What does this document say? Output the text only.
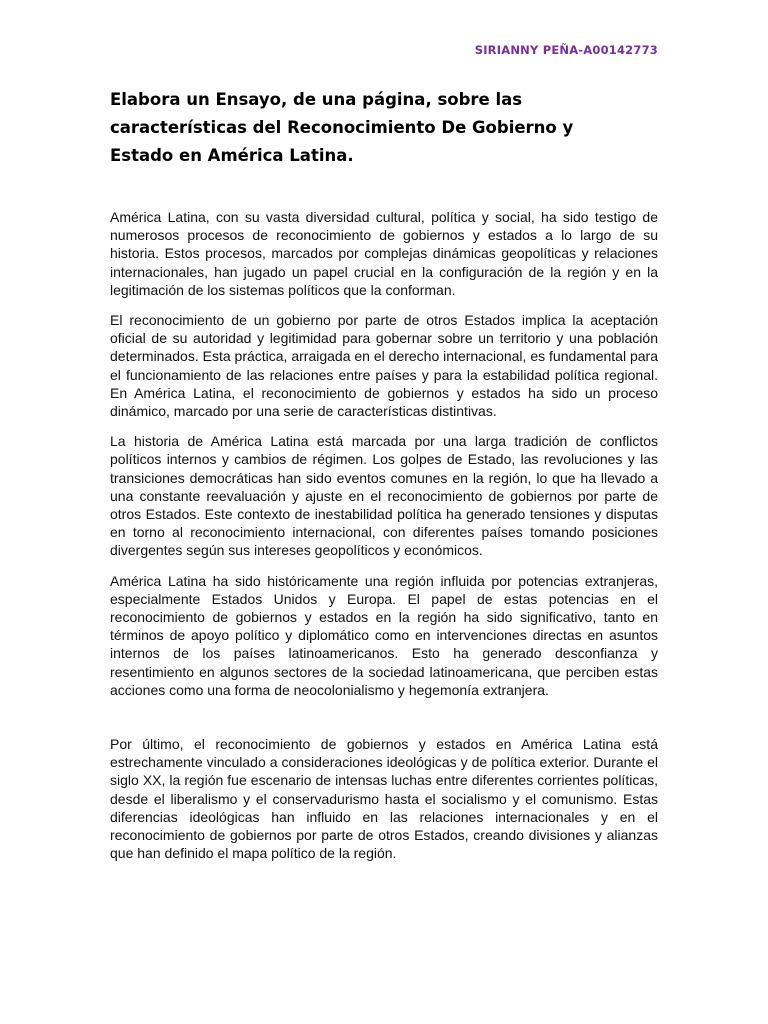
SIRIANNY PEÑA-A00142773
Elabora un Ensayo, de una página, sobre las características del Reconocimiento De Gobierno y Estado en América Latina.

América Latina, con su vasta diversidad cultural, política y social, ha sido testigo de numerosos procesos de reconocimiento de gobiernos y estados a lo largo de su historia. Estos procesos, marcados por complejas dinámicas geopolíticas y relaciones internacionales, han jugado un papel crucial en la configuración de la región y en la legitimación de los sistemas políticos que la conforman.

El reconocimiento de un gobierno por parte de otros Estados implica la aceptación oficial de su autoridad y legitimidad para gobernar sobre un territorio y una población determinados. Esta práctica, arraigada en el derecho internacional, es fundamental para el funcionamiento de las relaciones entre países y para la estabilidad política regional. En América Latina, el reconocimiento de gobiernos y estados ha sido un proceso dinámico, marcado por una serie de características distintivas.

La historia de América Latina está marcada por una larga tradición de conflictos políticos internos y cambios de régimen. Los golpes de Estado, las revoluciones y las transiciones democráticas han sido eventos comunes en la región, lo que ha llevado a una constante reevaluación y ajuste en el reconocimiento de gobiernos por parte de otros Estados. Este contexto de inestabilidad política ha generado tensiones y disputas en torno al reconocimiento internacional, con diferentes países tomando posiciones divergentes según sus intereses geopolíticos y económicos.

América Latina ha sido históricamente una región influida por potencias extranjeras, especialmente Estados Unidos y Europa. El papel de estas potencias en el reconocimiento de gobiernos y estados en la región ha sido significativo, tanto en términos de apoyo político y diplomático como en intervenciones directas en asuntos internos de los países latinoamericanos. Esto ha generado desconfianza y resentimiento en algunos sectores de la sociedad latinoamericana, que perciben estas acciones como una forma de neocolonialismo y hegemonía extranjera.

Por último, el reconocimiento de gobiernos y estados en América Latina está estrechamente vinculado a consideraciones ideológicas y de política exterior. Durante el siglo XX, la región fue escenario de intensas luchas entre diferentes corrientes políticas, desde el liberalismo y el conservadurismo hasta el socialismo y el comunismo. Estas diferencias ideológicas han influido en las relaciones internacionales y en el reconocimiento de gobiernos por parte de otros Estados, creando divisiones y alianzas que han definido el mapa político de la región.
